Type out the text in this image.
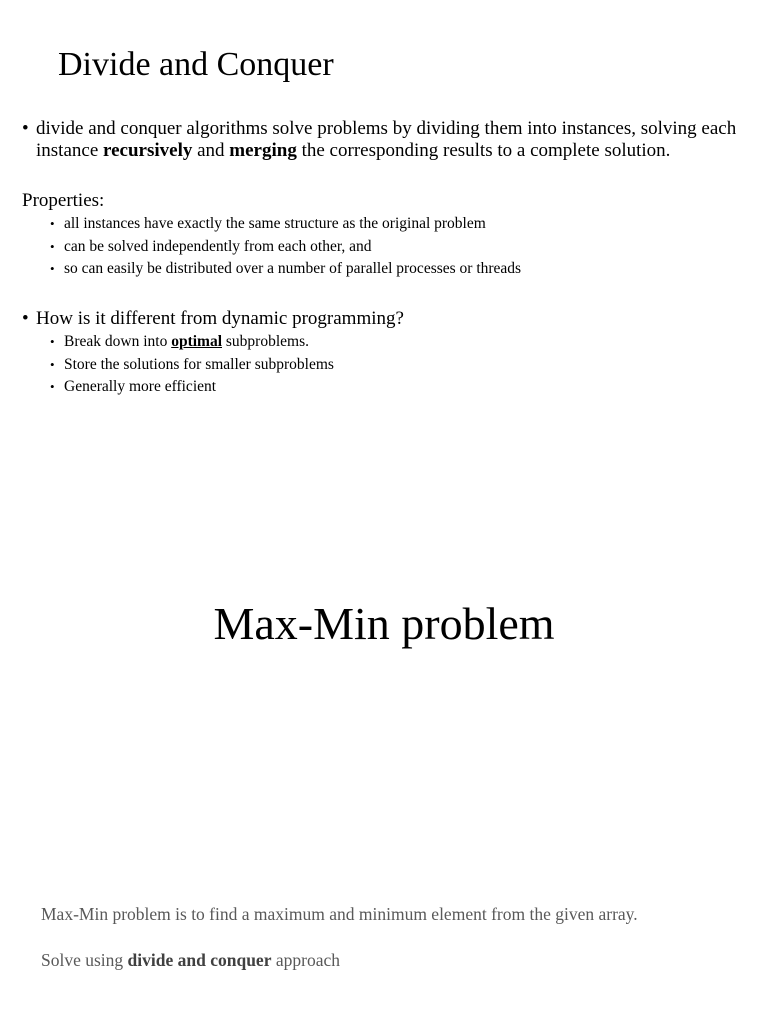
Divide and Conquer
• divide and conquer algorithms solve problems by dividing them into instances, solving each instance recursively and merging the corresponding results to a complete solution.
Properties:
• all instances have exactly the same structure as the original problem
• can be solved independently from each other, and
• so can easily be distributed over a number of parallel processes or threads
• How is it different from dynamic programming?
• Break down into optimal subproblems.
• Store the solutions for smaller subproblems
• Generally more efficient
Max-Min problem
Max-Min problem is to find a maximum and minimum element from the given array.
Solve using divide and conquer approach
